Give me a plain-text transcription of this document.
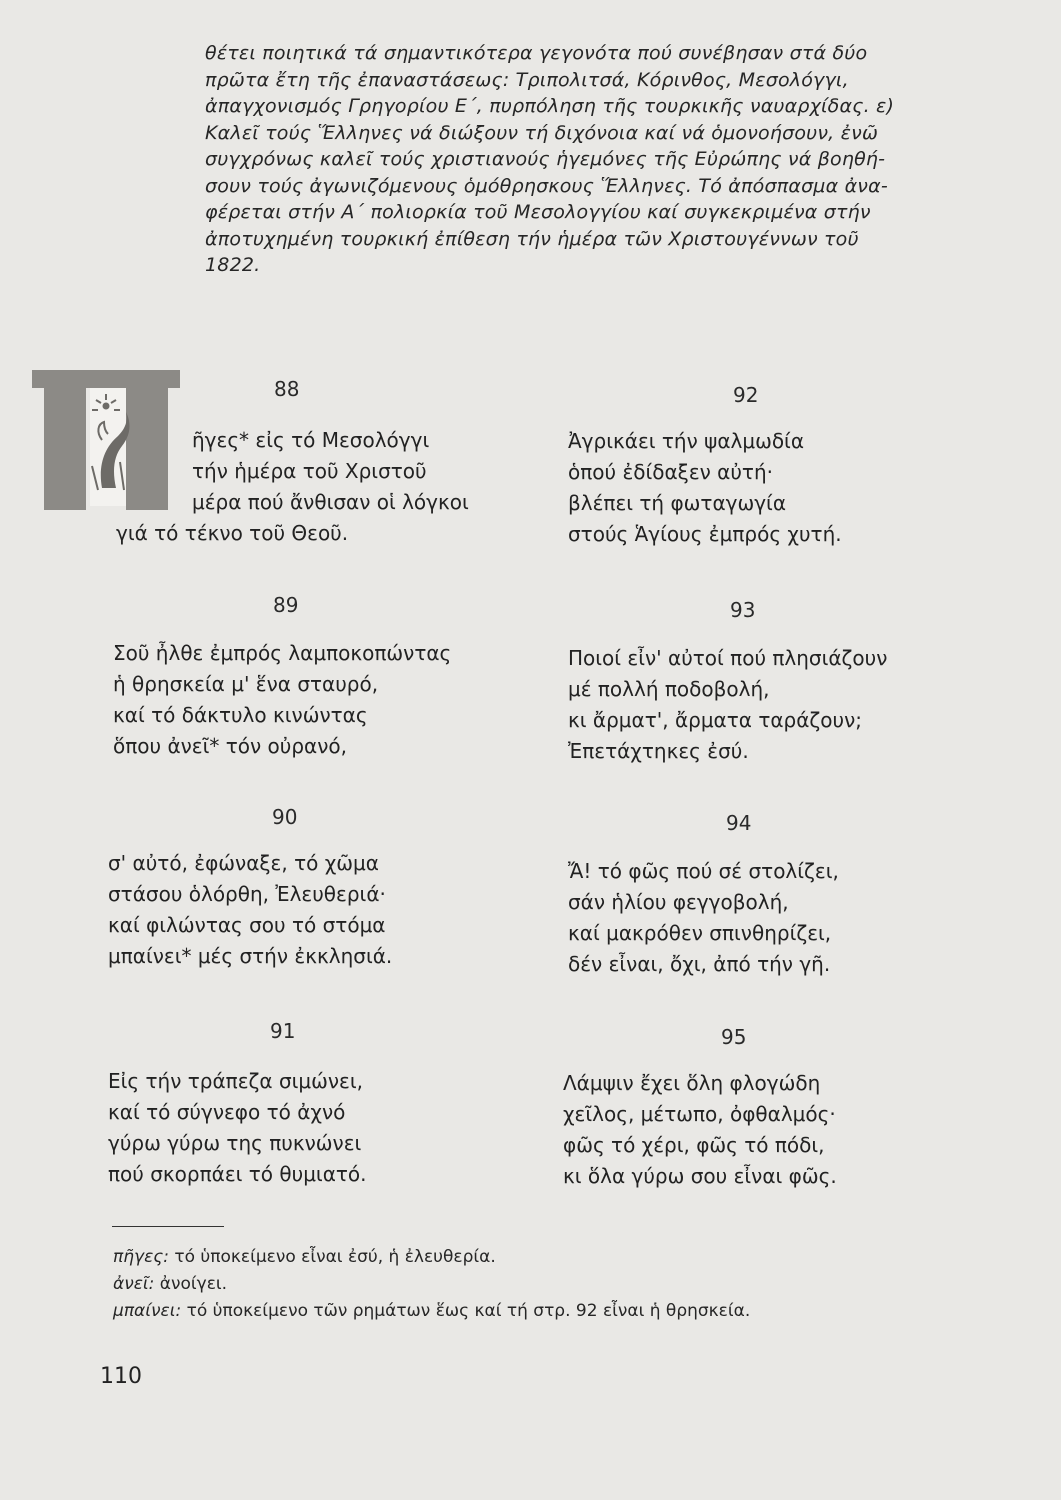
θέτει ποιητικά τά σημαντικότερα γεγονότα πού συνέβησαν στά δύο
πρῶτα ἔτη τῆς ἐπαναστάσεως: Τριπολιτσά, Κόρινθος, Μεσολόγγι,
ἀπαγχονισμός Γρηγορίου Ε΄, πυρπόληση τῆς τουρκικῆς ναυαρχίδας. ε)
Καλεῖ τούς Ἕλληνες νά διώξουν τή διχόνοια καί νά ὁμονοήσουν, ἐνῶ
συγχρόνως καλεῖ τούς χριστιανούς ἡγεμόνες τῆς Εὐρώπης νά βοηθή-
σουν τούς ἀγωνιζόμενους ὁμόθρησκους Ἕλληνες. Τό ἀπόσπασμα ἀνα-
φέρεται στήν Α΄ πολιορκία τοῦ Μεσολογγίου καί συγκεκριμένα στήν
ἀποτυχημένη τουρκική ἐπίθεση τήν ἡμέρα τῶν Χριστουγέννων τοῦ
1822.
88
ῆγες* εἰς τό Μεσολόγγι
τήν ἡμέρα τοῦ Χριστοῦ
μέρα πού ἄνθισαν οἱ λόγκοι
γιά τό τέκνο τοῦ Θεοῦ.
89
Σοῦ ἦλθε ἐμπρός λαμποκοπώντας
ἡ θρησκεία μ' ἕνα σταυρό,
καί τό δάκτυλο κινώντας
ὅπου ἀνεῖ* τόν οὐρανό,
90
σ' αὐτό, ἐφώναξε, τό χῶμα
στάσου ὁλόρθη, Ἐλευθεριά·
καί φιλώντας σου τό στόμα
μπαίνει* μές στήν ἐκκλησιά.
91
Εἰς τήν τράπεζα σιμώνει,
καί τό σύγνεφο τό ἀχνό
γύρω γύρω της πυκνώνει
πού σκορπάει τό θυμιατό.
92
Ἀγρικάει τήν ψαλμωδία
ὁπού ἐδίδαξεν αὐτή·
βλέπει τή φωταγωγία
στούς Ἁγίους ἐμπρός χυτή.
93
Ποιοί εἶν' αὐτοί πού πλησιάζουν
μέ πολλή ποδοβολή,
κι ἄρματ', ἄρματα ταράζουν;
Ἐπετάχτηκες ἐσύ.
94
Ἄ! τό φῶς πού σέ στολίζει,
σάν ἡλίου φεγγοβολή,
καί μακρόθεν σπινθηρίζει,
δέν εἶναι, ὄχι, ἀπό τήν γῆ.
95
Λάμψιν ἔχει ὅλη φλογώδη
χεῖλος, μέτωπο, ὀφθαλμός·
φῶς τό χέρι, φῶς τό πόδι,
κι ὅλα γύρω σου εἶναι φῶς.
πῆγες: τό ὑποκείμενο εἶναι ἐσύ, ἡ ἐλευθερία.
ἀνεῖ: ἀνοίγει.
μπαίνει: τό ὑποκείμενο τῶν ρημάτων ἕως καί τή στρ. 92 εἶναι ἡ θρησκεία.
110
